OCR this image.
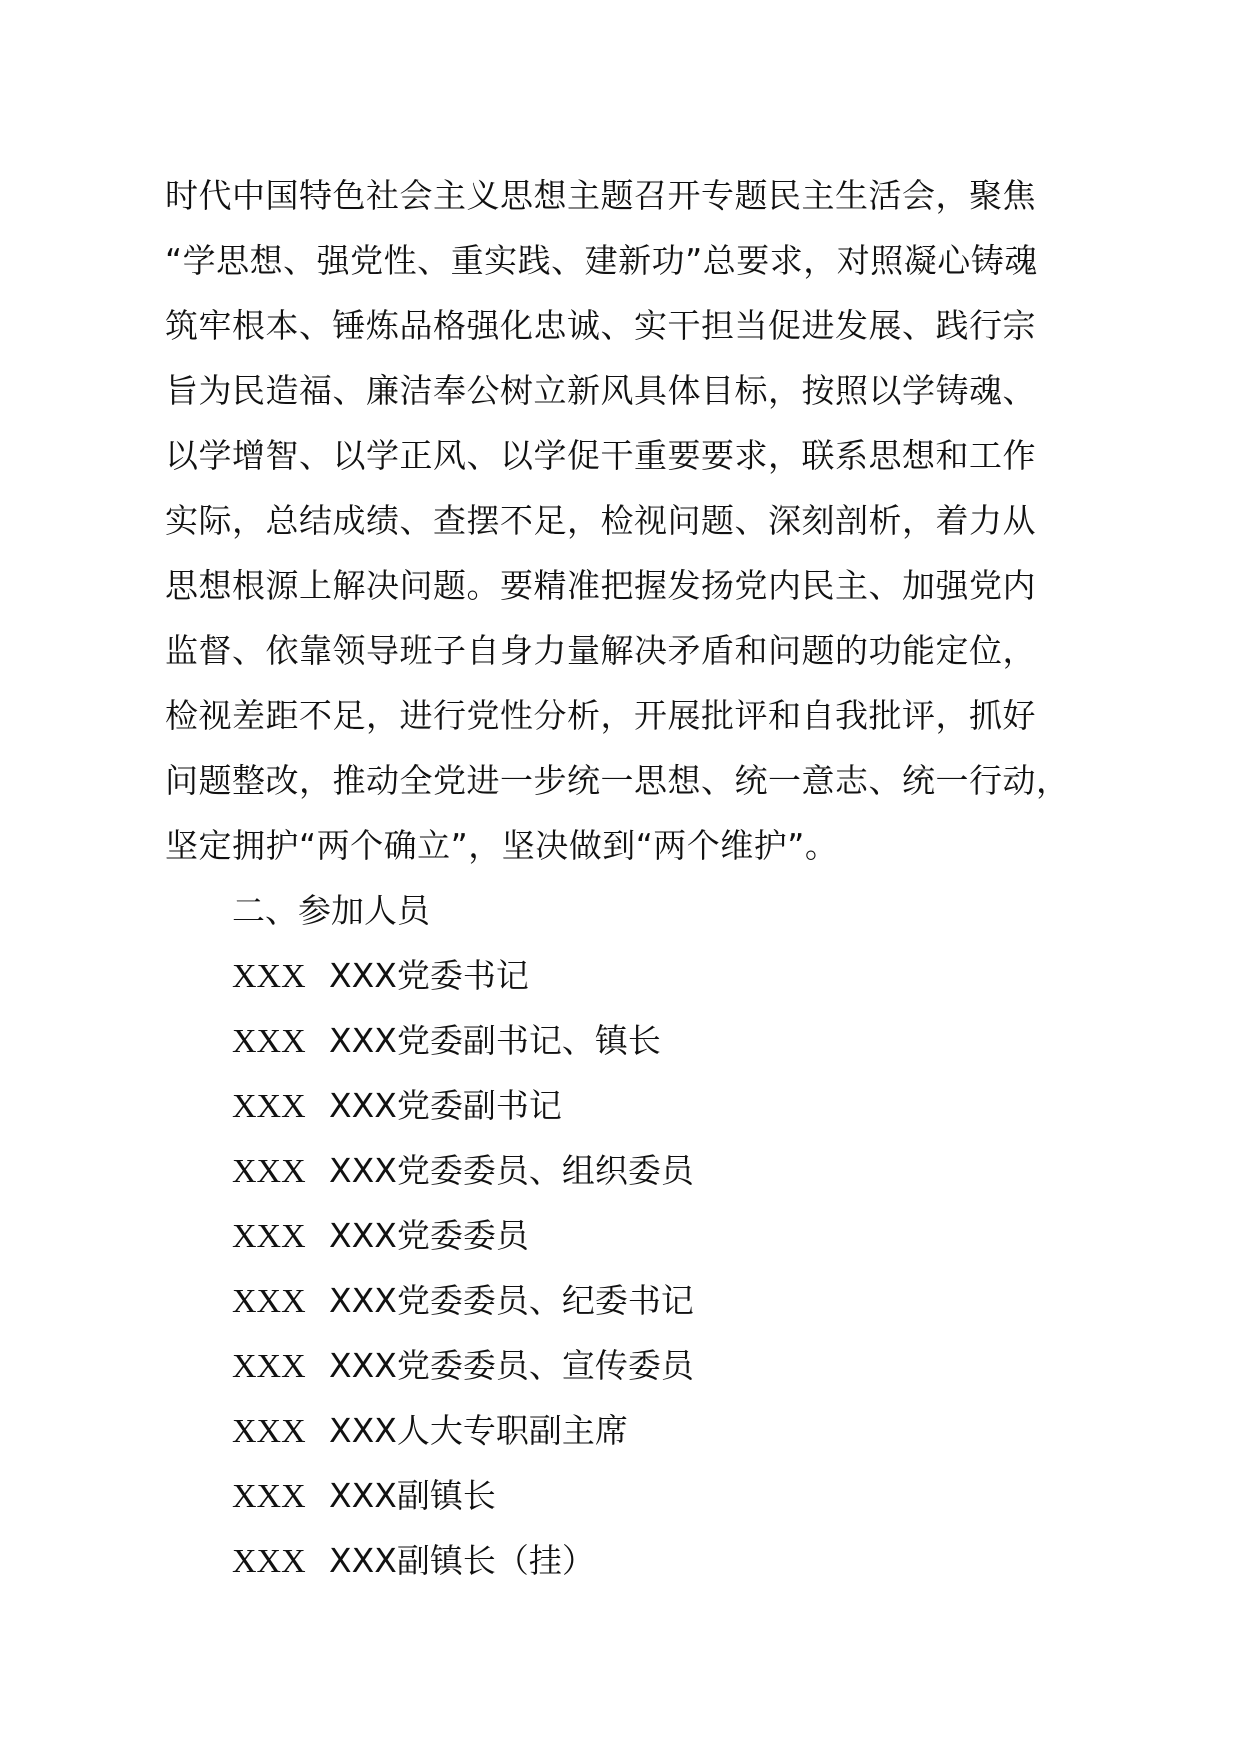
时代中国特色社会主义思想主题召开专题民主生活会，聚焦
“学思想、强党性、重实践、建新功”总要求，对照凝心铸魂
筑牢根本、锤炼品格强化忠诚、实干担当促进发展、践行宗
旨为民造福、廉洁奉公树立新风具体目标，按照以学铸魂、
以学增智、以学正风、以学促干重要要求，联系思想和工作
实际，总结成绩、查摆不足，检视问题、深刻剖析，着力从
思想根源上解决问题。要精准把握发扬党内民主、加强党内
监督、依靠领导班子自身力量解决矛盾和问题的功能定位，
检视差距不足，进行党性分析，开展批评和自我批评，抓好
问题整改，推动全党进一步统一思想、统一意志、统一行动，
坚定拥护“两个确立”，坚决做到“两个维护”。
二、参加人员
XXX XXX党委书记
XXX XXX党委副书记、镇长
XXX XXX党委副书记
XXX XXX党委委员、组织委员
XXX XXX党委委员
XXX XXX党委委员、纪委书记
XXX XXX党委委员、宣传委员
XXX XXX人大专职副主席
XXX XXX副镇长
XXX XXX副镇长（挂）
